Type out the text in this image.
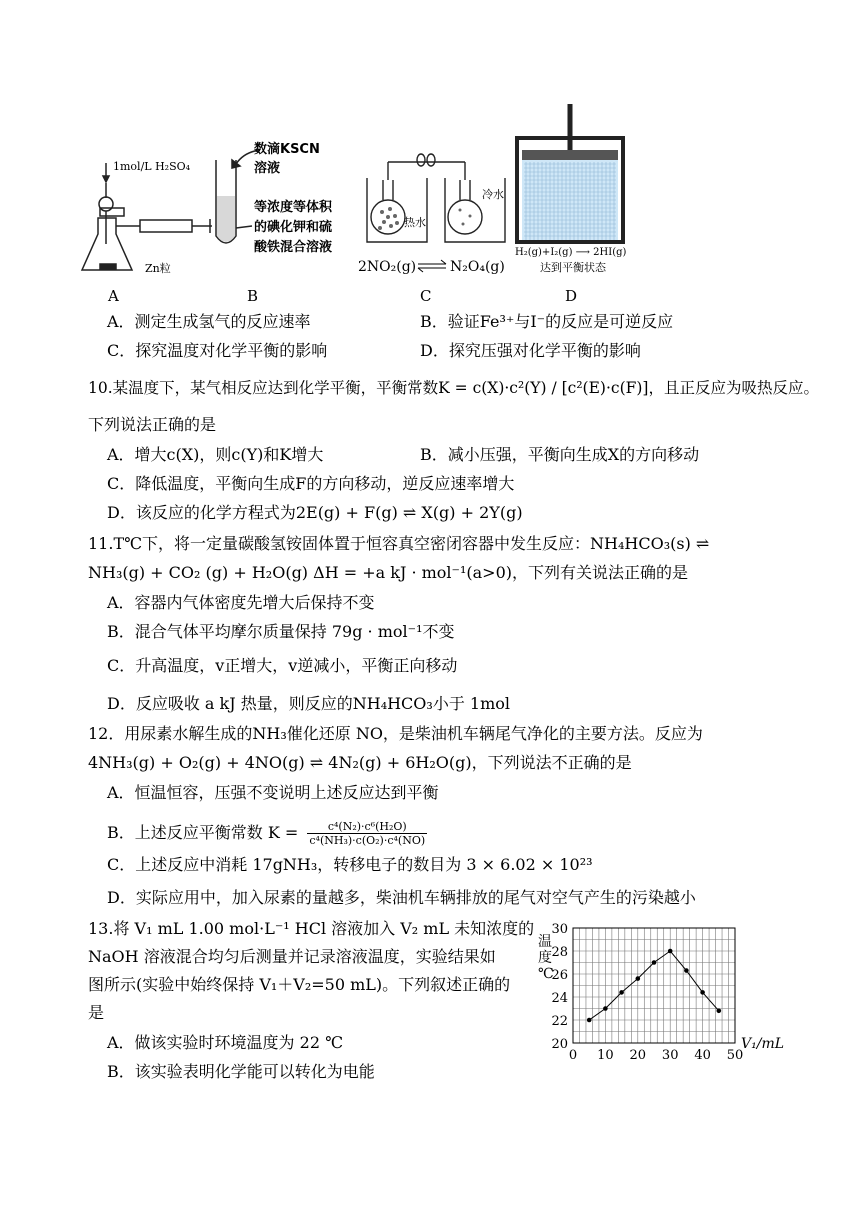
1mol/L H₂SO₄
Zn粒
数滴KSCN
溶液
等浓度等体积
的碘化钾和硫
酸铁混合溶液
热水
冷水
2NO₂(g) N₂O₄(g)
H₂(g)+I₂(g) ⟶ 2HI(g)
达到平衡状态
A	B	C	D
A．测定生成氢气的反应速率	B．验证Fe³⁺与I⁻的反应是可逆反应
C．探究温度对化学平衡的影响	D．探究压强对化学平衡的影响
10.某温度下，某气相反应达到化学平衡，平衡常数K = c(X)·c²(Y) / [c²(E)·c(F)]，且正反应为吸热反应。
下列说法正确的是
A．增大c(X)，则c(Y)和K增大	B．减小压强，平衡向生成X的方向移动
C．降低温度，平衡向生成F的方向移动，逆反应速率增大
D．该反应的化学方程式为2E(g) + F(g) ⇌ X(g) + 2Y(g)
11.T℃下，将一定量碳酸氢铵固体置于恒容真空密闭容器中发生反应：NH₄HCO₃(s) ⇌
NH₃(g) + CO₂ (g) + H₂O(g) ΔH = +a kJ · mol⁻¹(a>0)，下列有关说法正确的是
A．容器内气体密度先增大后保持不变
B．混合气体平均摩尔质量保持 79g · mol⁻¹不变
C．升高温度，v正增大，v逆减小，平衡正向移动
D．反应吸收 a kJ 热量，则反应的NH₄HCO₃小于 1mol
12．用尿素水解生成的NH₃催化还原 NO，是柴油机车辆尾气净化的主要方法。反应为
4NH₃(g) + O₂(g) + 4NO(g) ⇌ 4N₂(g) + 6H₂O(g)，下列说法不正确的是
A．恒温恒容，压强不变说明上述反应达到平衡
B．上述反应平衡常数 $K = \frac{\text{c⁴(N₂)·c⁶(H₂O)}}{\text{c⁴(NH₃)·c(O₂)·c⁴(NO)}}$
C．上述反应中消耗 17gNH₃，转移电子的数目为 3 × 6.02 × 10²³
D．实际应用中，加入尿素的量越多，柴油机车辆排放的尾气对空气产生的污染越小
13.将 V₁ mL 1.00 mol·L⁻¹ HCl 溶液加入 V₂ mL 未知浓度的
NaOH 溶液混合均匀后测量并记录溶液温度，实验结果如
图所示(实验中始终保持 V₁＋V₂=50 mL)。下列叙述正确的
是
A．做该实验时环境温度为 22 ℃
B．该实验表明化学能可以转化为电能
0 10 20 30 40 50
20
22
24
26
28
30
V₁/mL
温度℃
